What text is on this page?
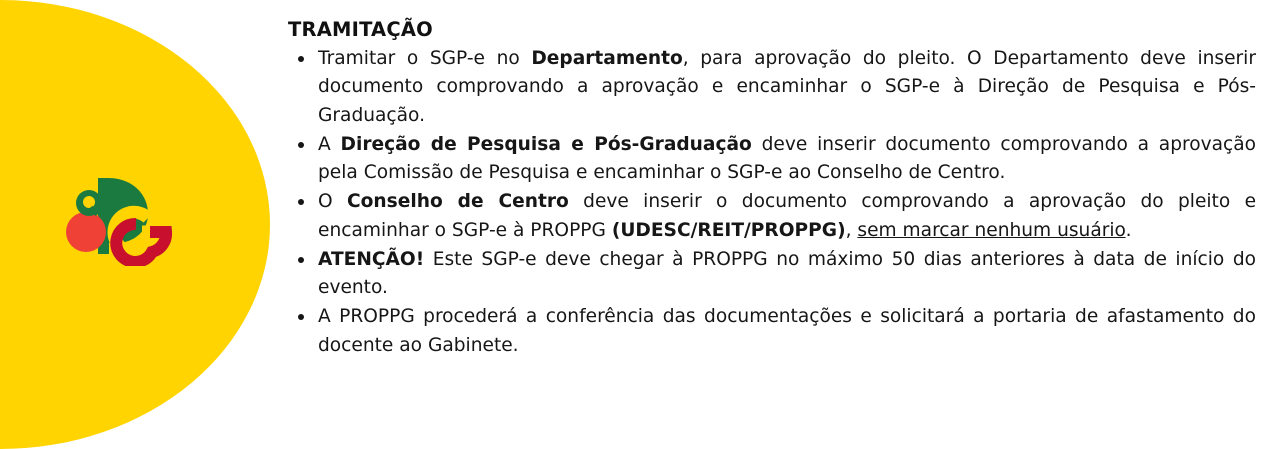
TRAMITAÇÃO
Tramitar o SGP-e no Departamento, para aprovação do pleito. O Departamento deve inserir documento comprovando a aprovação e encaminhar o SGP-e à Direção de Pesquisa e Pós-Graduação.
A Direção de Pesquisa e Pós-Graduação deve inserir documento comprovando a aprovação pela Comissão de Pesquisa e encaminhar o SGP-e ao Conselho de Centro.
O Conselho de Centro deve inserir o documento comprovando a aprovação do pleito e encaminhar o SGP-e à PROPPG (UDESC/REIT/PROPPG), sem marcar nenhum usuário.
ATENÇÃO! Este SGP-e deve chegar à PROPPG no máximo 50 dias anteriores à data de início do evento.
A PROPPG procederá a conferência das documentações e solicitará a portaria de afastamento do docente ao Gabinete.
